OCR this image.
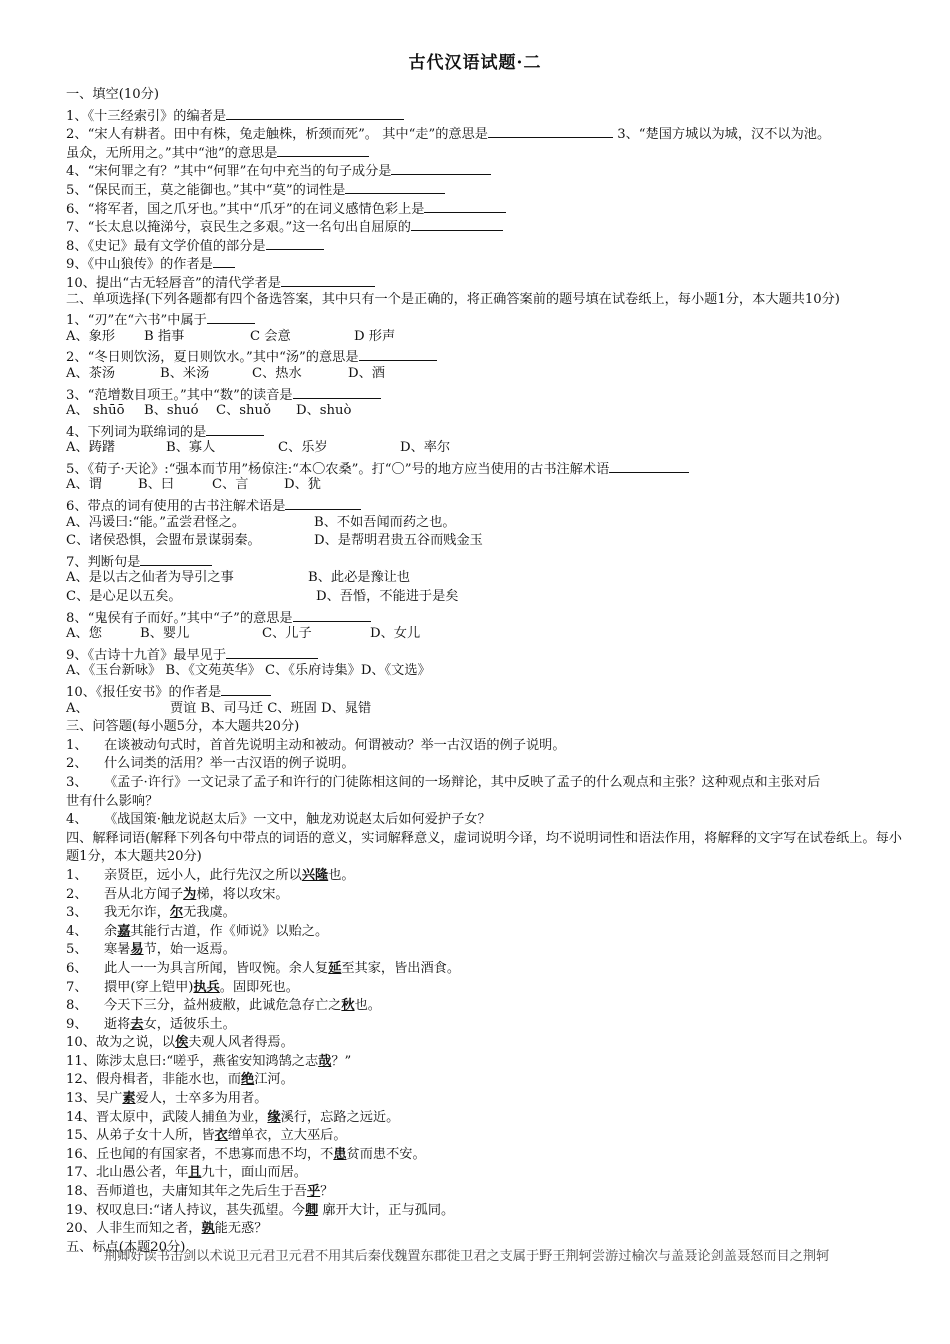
古代汉语试题·二
一、填空(10分)
1、《十三经索引》的编者是
2、“宋人有耕者。田中有株，兔走触株，析颈而死”。 其中“走”的意思是	3、“楚国方城以为城，汉不以为池。
虽众，无所用之。”其中“池”的意思是
4、“宋何罪之有？”其中“何罪”在句中充当的句子成分是
5、“保民而王，莫之能御也。”其中“莫”的词性是
6、“将军者，国之爪牙也。”其中“爪牙”的在词义感情色彩上是
7、“长太息以掩涕兮，哀民生之多艰。”这一名句出自屈原的
8、《史记》最有文学价值的部分是
9、《中山狼传》的作者是
10、提出“古无轻唇音”的清代学者是
二、单项选择(下列各题都有四个备选答案，其中只有一个是正确的，将正确答案前的题号填在试卷纸上，每小题1分，本大题共10分)
1、“刃”在“六书”中属于
A、象形 B 指事	C 会意	D 形声
2、“冬日则饮汤，夏日则饮水。”其中“汤”的意思是
A、茶汤	B、米汤	C、热水	D、酒
3、“范增数目项王。”其中“数”的读音是
A、 shūō B、shuó C、shuǒ D、shuò
4、下列词为联绵词的是
A、踌躇	B、寡人	C、乐岁	D、率尔
5、《荀子·天论》:“强本而节用”杨倞注:“本〇农桑”。打“〇”号的地方应当使用的古书注解术语
A、谓	B、曰	C、言	D、犹
6、带点的词有使用的古书注解术语是
A、冯谖曰:“能。”孟尝君怪之。	B、不如吾闻而药之也。
C、诸侯恐惧，会盟布景谋弱秦。	D、是帮明君贵五谷而贱金玉
7、判断句是
A、是以古之仙者为导引之事	B、此必是豫让也
C、是心足以五矣。	D、吾惛，不能进于是矣
8、“鬼侯有子而好。”其中“子”的意思是
A、您	B、婴儿	C、儿子	D、女儿
9、《古诗十九首》最早见于
A、《玉台新咏》 B、《文苑英华》 C、《乐府诗集》D、《文选》
10、《报任安书》的作者是
A、	贾谊 B、司马迁 C、班固 D、晁错
三、问答题(每小题5分，本大题共20分)
1、 在谈被动句式时，首首先说明主动和被动。何谓被动？举一古汉语的例子说明。
2、 什么词类的活用？举一古汉语的例子说明。
3、 《孟子·许行》一文记录了孟子和许行的门徒陈相这间的一场辩论，其中反映了孟子的什么观点和主张？这种观点和主张对后
世有什么影响？
4、 《战国策·触龙说赵太后》一文中，触龙劝说赵太后如何爱护子女？
四、解释词语(解释下列各句中带点的词语的意义，实词解释意义，虚词说明今译，均不说明词性和语法作用，将解释的文字写在试卷纸上。每小题1分，本大题共20分)
1、 亲贤臣，远小人，此行先汉之所以兴隆也。
2、 吾从北方闻子为梯，将以攻宋。
3、 我无尔诈，尔无我虞。
4、 余嘉其能行古道，作《师说》以贻之。
5、 寒暑易节，始一返焉。
6、 此人一一为具言所闻，皆叹惋。余人复延至其家，皆出酒食。
7、 擐甲(穿上铠甲)执兵。固即死也。
8、 今天下三分，益州疲敝，此诚危急存亡之秋也。
9、 逝将去女，适彼乐土。
10、故为之说，以俟夫观人风者得焉。
11、陈涉太息曰:“嗟乎，燕雀安知鸿鹄之志哉？”
12、假舟楫者，非能水也，而绝江河。
13、吴广素爱人，士卒多为用者。
14、晋太原中，武陵人捕鱼为业，缘溪行，忘路之远近。
15、从弟子女十人所，皆衣缯单衣，立大巫后。
16、丘也闻的有国家者，不患寡而患不均，不患贫而患不安。
17、北山愚公者，年且九十，面山而居。
18、吾师道也，夫庸知其年之先后生于吾乎？
19、权叹息曰:“诸人持议，甚失孤望。今卿 廓开大计，正与孤同。
20、人非生而知之者，孰能无惑？
五、标点(本题20分)
荆卿好读书击剑以术说卫元君卫元君不用其后秦伐魏置东郡徙卫君之支属于野王荆轲尝游过榆次与盖聂论剑盖聂怒而目之荆轲
